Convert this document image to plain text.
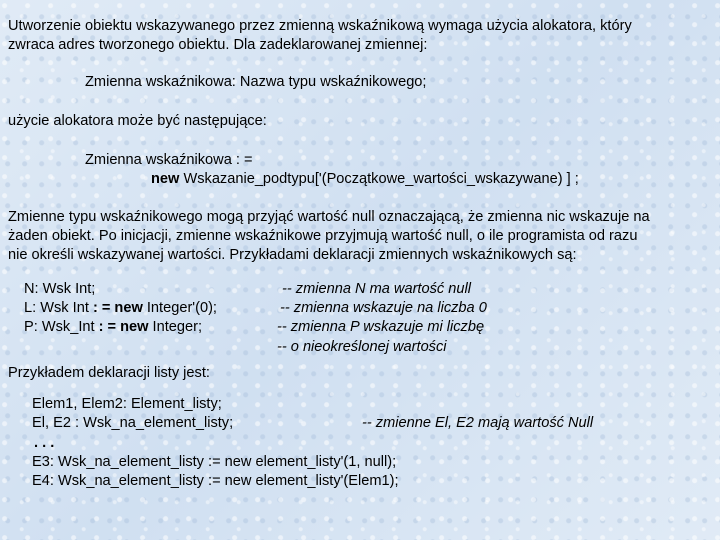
Utworzenie obiektu wskazywanego przez zmienną wskaźnikową wymaga użycia alokatora, który

zwraca adres tworzonego obiektu. Dla zadeklarowanej zmiennej:

Zmienna wskaźnikowa: Nazwa typu wskaźnikowego;

użycie alokatora może być następujące:

Zmienna wskaźnikowa : =

new Wskazanie_podtypu['(Początkowe_wartości_wskazywane) ] ;

Zmienne typu wskaźnikowego mogą przyjąć wartość null oznaczającą, że zmienna nic wskazuje na

żaden obiekt. Po inicjacji, zmienne wskaźnikowe przyjmują wartość null, o ile programista od razu

nie określi wskazywanej wartości. Przykładami deklaracji zmiennych wskaźnikowych są:

N: Wsk Int;	-- zmienna N ma wartość null

L: Wsk Int : = new Integer'(0);	-- zmienna wskazuje na liczba 0

P: Wsk_Int : = new Integer;	-- zmienna P wskazuje mi liczbę

-- o nieokreślonej wartości

Przykładem deklaracji listy jest:

Elem1, Elem2: Element_listy;

El, E2 : Wsk_na_element_listy;	-- zmienne El, E2 mają wartość Null

. . .

E3: Wsk_na_element_listy := new element_listy'(1, null);

E4: Wsk_na_element_listy := new element_listy'(Elem1);
